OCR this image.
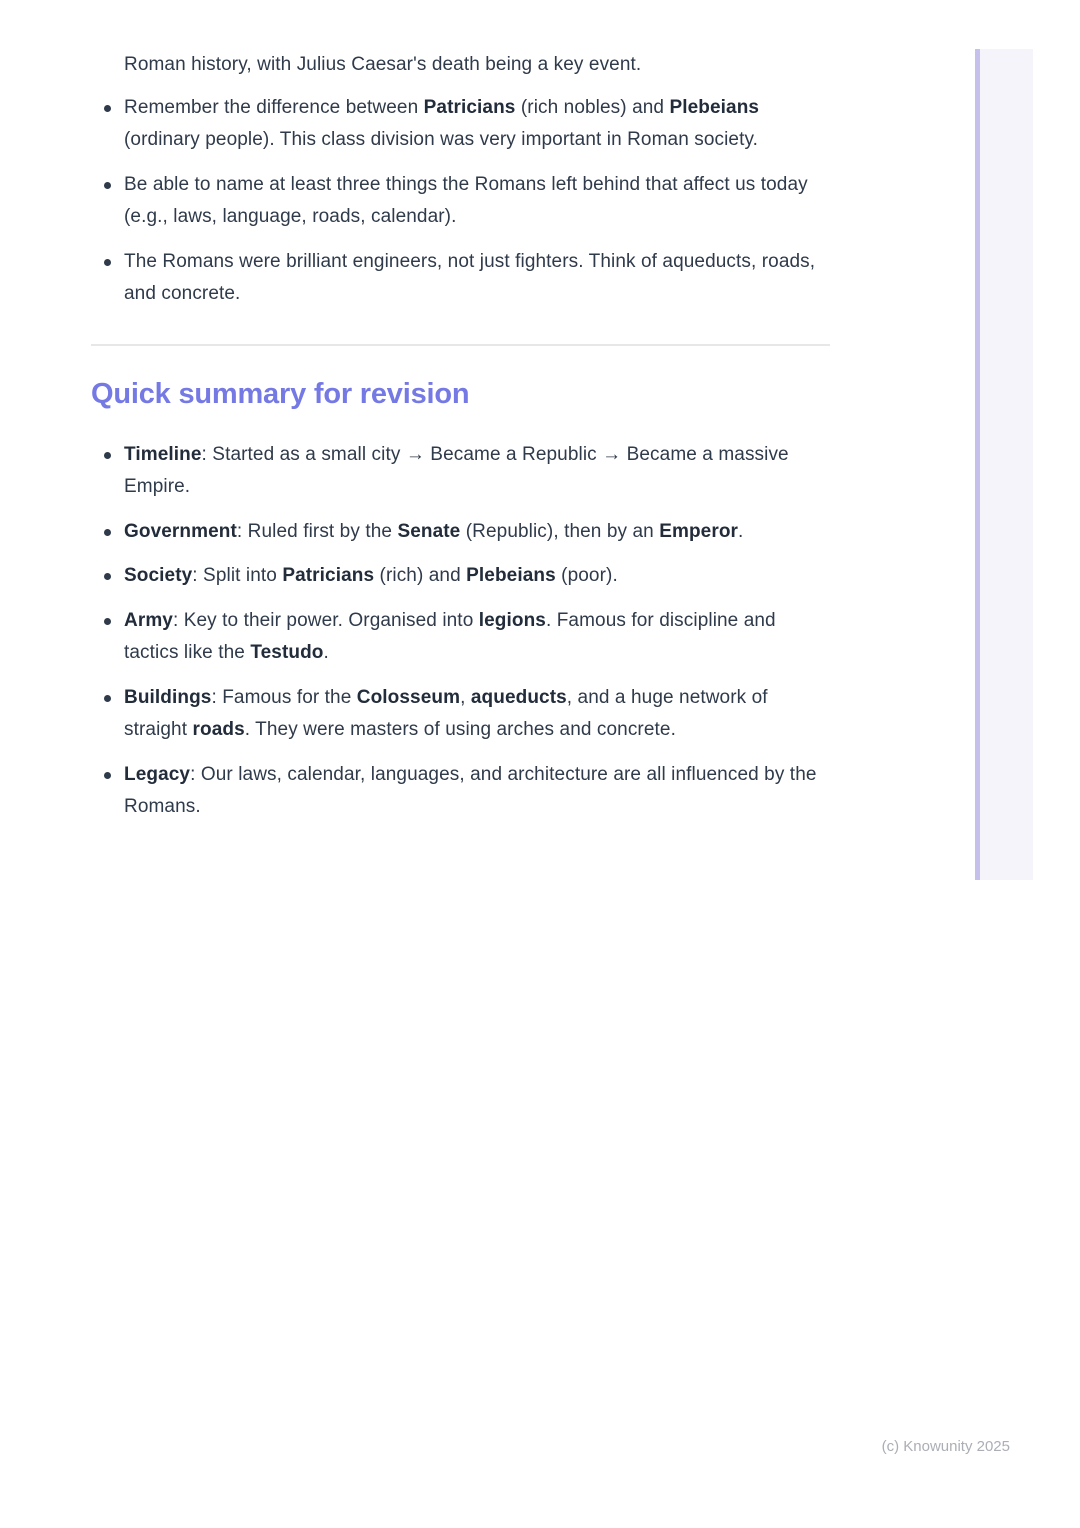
Roman history, with Julius Caesar's death being a key event.

Remember the difference between Patricians (rich nobles) and Plebeians (ordinary people). This class division was very important in Roman society.
Be able to name at least three things the Romans left behind that affect us today (e.g., laws, language, roads, calendar).
The Romans were brilliant engineers, not just fighters. Think of aqueducts, roads, and concrete.
Quick summary for revision
Timeline: Started as a small city → Became a Republic → Became a massive Empire.
Government: Ruled first by the Senate (Republic), then by an Emperor.
Society: Split into Patricians (rich) and Plebeians (poor).
Army: Key to their power. Organised into legions. Famous for discipline and tactics like the Testudo.
Buildings: Famous for the Colosseum, aqueducts, and a huge network of straight roads. They were masters of using arches and concrete.
Legacy: Our laws, calendar, languages, and architecture are all influenced by the Romans.
(c) Knowunity 2025
